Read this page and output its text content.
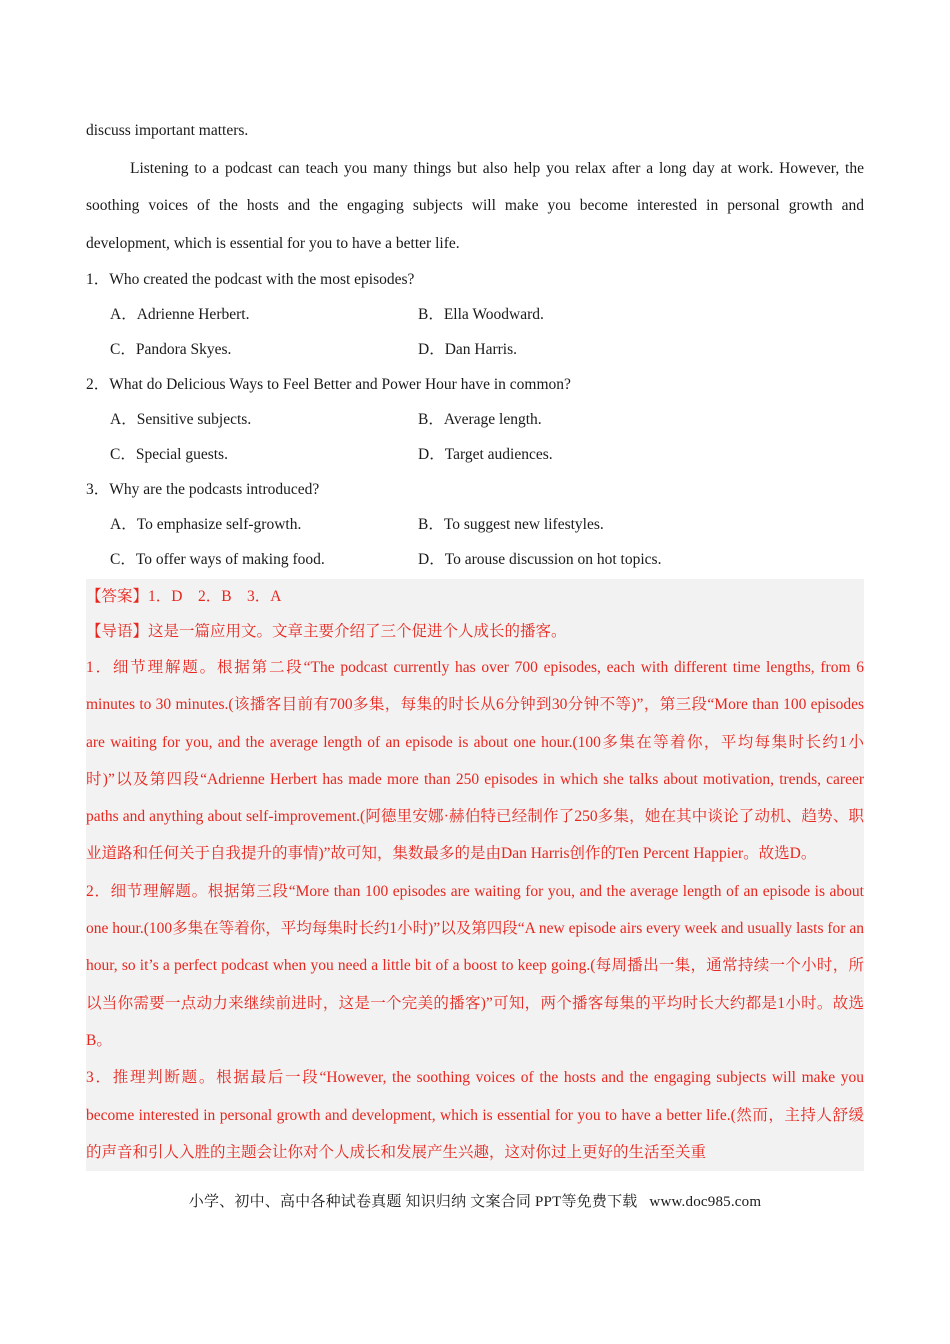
discuss important matters.

Listening to a podcast can teach you many things but also help you relax after a long day at work. However, the soothing voices of the hosts and the engaging subjects will make you become interested in personal growth and development, which is essential for you to have a better life.

1．Who created the podcast with the most episodes?

A．Adrienne Herbert.	B．Ella Woodward.
C．Pandora Skyes.	D．Dan Harris.

2．What do Delicious Ways to Feel Better and Power Hour have in common?

A．Sensitive subjects.	B．Average length.
C．Special guests.	D．Target audiences.

3．Why are the podcasts introduced?

A．To emphasize self-growth.	B．To suggest new lifestyles.
C．To offer ways of making food.	D．To arouse discussion on hot topics.

【答案】1．D　2．B　3．A

【导语】这是一篇应用文。文章主要介绍了三个促进个人成长的播客。

1．细节理解题。根据第二段“The podcast currently has over 700 episodes, each with different time lengths, from 6 minutes to 30 minutes.(该播客目前有700多集，每集的时长从6分钟到30分钟不等)”，第三段“More than 100 episodes are waiting for you, and the average length of an episode is about one hour.(100多集在等着你，平均每集时长约1小时)”以及第四段“Adrienne Herbert has made more than 250 episodes in which she talks about motivation, trends, career paths and anything about self-improvement.(阿德里安娜·赫伯特已经制作了250多集，她在其中谈论了动机、趋势、职业道路和任何关于自我提升的事情)”故可知，集数最多的是由Dan Harris创作的Ten Percent Happier。故选D。

2．细节理解题。根据第三段“More than 100 episodes are waiting for you, and the average length of an episode is about one hour.(100多集在等着你，平均每集时长约1小时)”以及第四段“A new episode airs every week and usually lasts for an hour, so it’s a perfect podcast when you need a little bit of a boost to keep going.(每周播出一集，通常持续一个小时，所以当你需要一点动力来继续前进时，这是一个完美的播客)”可知，两个播客每集的平均时长大约都是1小时。故选B。

3．推理判断题。根据最后一段“However, the soothing voices of the hosts and the engaging subjects will make you become interested in personal growth and development, which is essential for you to have a better life.(然而，主持人舒缓的声音和引人入胜的主题会让你对个人成长和发展产生兴趣，这对你过上更好的生活至关重

小学、初中、高中各种试卷真题 知识归纳 文案合同 PPT等免费下载 www.doc985.com
